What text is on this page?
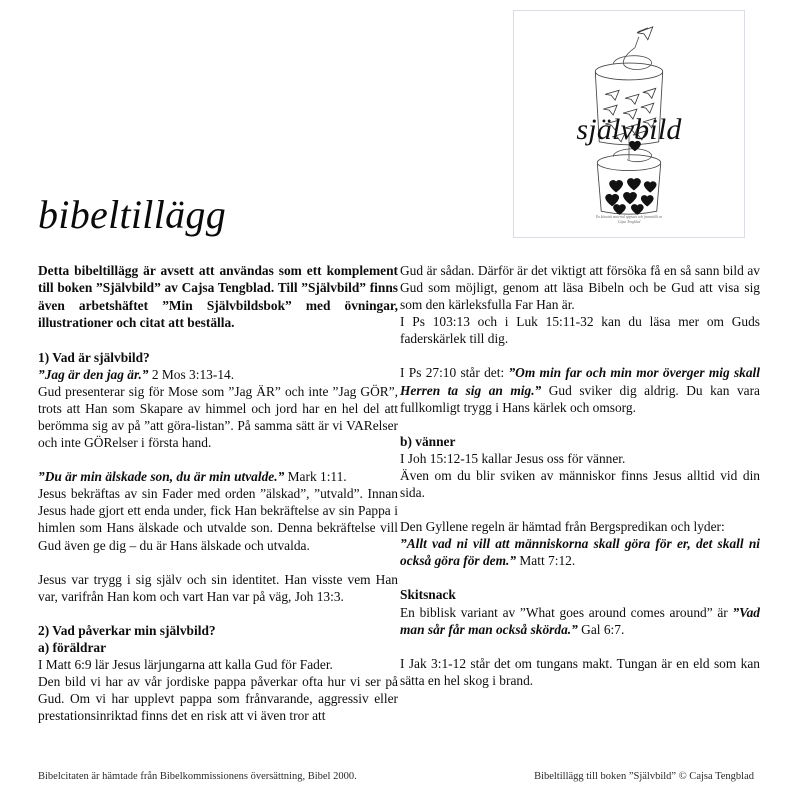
självbild
En klassisk material uppsats och framställt av
Cajsa Tengblad
bibeltillägg

Detta bibeltillägg är avsett att användas som ett komplement till boken ”Självbild” av Cajsa Tengblad. Till ”Självbild” finns även arbetshäftet ”Min Självbildsbok” med övningar, illustrationer och citat att beställa.

1) Vad är självbild?

”Jag är den jag är.” 2 Mos 3:13-14.

Gud presenterar sig för Mose som ”Jag ÄR” och inte ”Jag GÖR”, trots att Han som Skapare av himmel och jord har en hel del att berömma sig av på ”att göra-listan”. På samma sätt är vi VARelser och inte GÖRelser i första hand.

”Du är min älskade son, du är min utvalde.” Mark 1:11.

Jesus bekräftas av sin Fader med orden ”älskad”, ”utvald”. Innan Jesus hade gjort ett enda under, fick Han bekräftelse av sin Pappa i himlen som Hans älskade och utvalde son. Denna bekräftelse vill Gud även ge dig – du är Hans älskade och utvalda.

Jesus var trygg i sig själv och sin identitet. Han visste vem Han var, varifrån Han kom och vart Han var på väg, Joh 13:3.

2) Vad påverkar min självbild?

a) föräldrar

I Matt 6:9 lär Jesus lärjungarna att kalla Gud för Fader.

Den bild vi har av vår jordiske pappa påverkar ofta hur vi ser på Gud. Om vi har upplevt pappa som frånvarande, aggressiv eller prestationsinriktad finns det en risk att vi även tror att

Gud är sådan. Därför är det viktigt att försöka få en så sann bild av Gud som möjligt, genom att läsa Bibeln och be Gud att visa sig som den kärleksfulla Far Han är.

I Ps 103:13 och i Luk 15:11-32 kan du läsa mer om Guds faderskärlek till dig.

I Ps 27:10 står det: ”Om min far och min mor överger mig skall Herren ta sig an mig.” Gud sviker dig aldrig. Du kan vara fullkomligt trygg i Hans kärlek och omsorg.

b) vänner

I Joh 15:12-15 kallar Jesus oss för vänner.

Även om du blir sviken av människor finns Jesus alltid vid din sida.

Den Gyllene regeln är hämtad från Bergspredikan och lyder:

”Allt vad ni vill att människorna skall göra för er, det skall ni också göra för dem.” Matt 7:12.

Skitsnack

En biblisk variant av ”What goes around comes around” är ”Vad man sår får man också skörda.” Gal 6:7.

I Jak 3:1-12 står det om tungans makt. Tungan är en eld som kan sätta en hel skog i brand.

Bibelcitaten är hämtade från Bibelkommissionens översättning, Bibel 2000.	Bibeltillägg till boken ”Självbild” © Cajsa Tengblad
